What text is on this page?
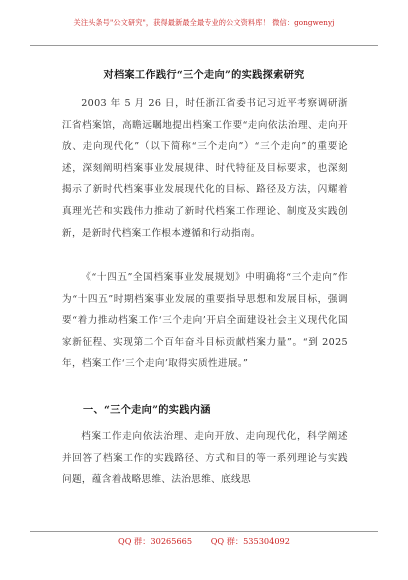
关注头条号"公文研究"，获得最新最全最专业的公文资料库！ 微信：gongwenyj
对档案工作践行“三个走向”的实践探索研究

2003 年 5 月 26 日，时任浙江省委书记习近平考察调研浙江省档案馆，高瞻远瞩地提出档案工作要“走向依法治理、走向开放、走向现代化”（以下简称“三个走向”）“三个走向”的重要论述，深刻阐明档案事业发展规律、时代特征及目标要求，也深刻揭示了新时代档案事业发展现代化的目标、路径及方法，闪耀着真理光芒和实践伟力推动了新时代档案工作理论、制度及实践创新，是新时代档案工作根本遵循和行动指南。

《“十四五”全国档案事业发展规划》中明确将“三个走向”作为“十四五”时期档案事业发展的重要指导思想和发展目标，强调要“着力推动档案工作‘三个走向’开启全面建设社会主义现代化国家新征程、实现第二个百年奋斗目标贡献档案力量”。“到 2025 年，档案工作‘三个走向’取得实质性进展。”

一、“三个走向”的实践内涵

档案工作走向依法治理、走向开放、走向现代化，科学阐述并回答了档案工作的实践路径、方式和目的等一系列理论与实践问题，蕴含着战略思维、法治思维、底线思

QQ 群：30265665 QQ 群：535304092
